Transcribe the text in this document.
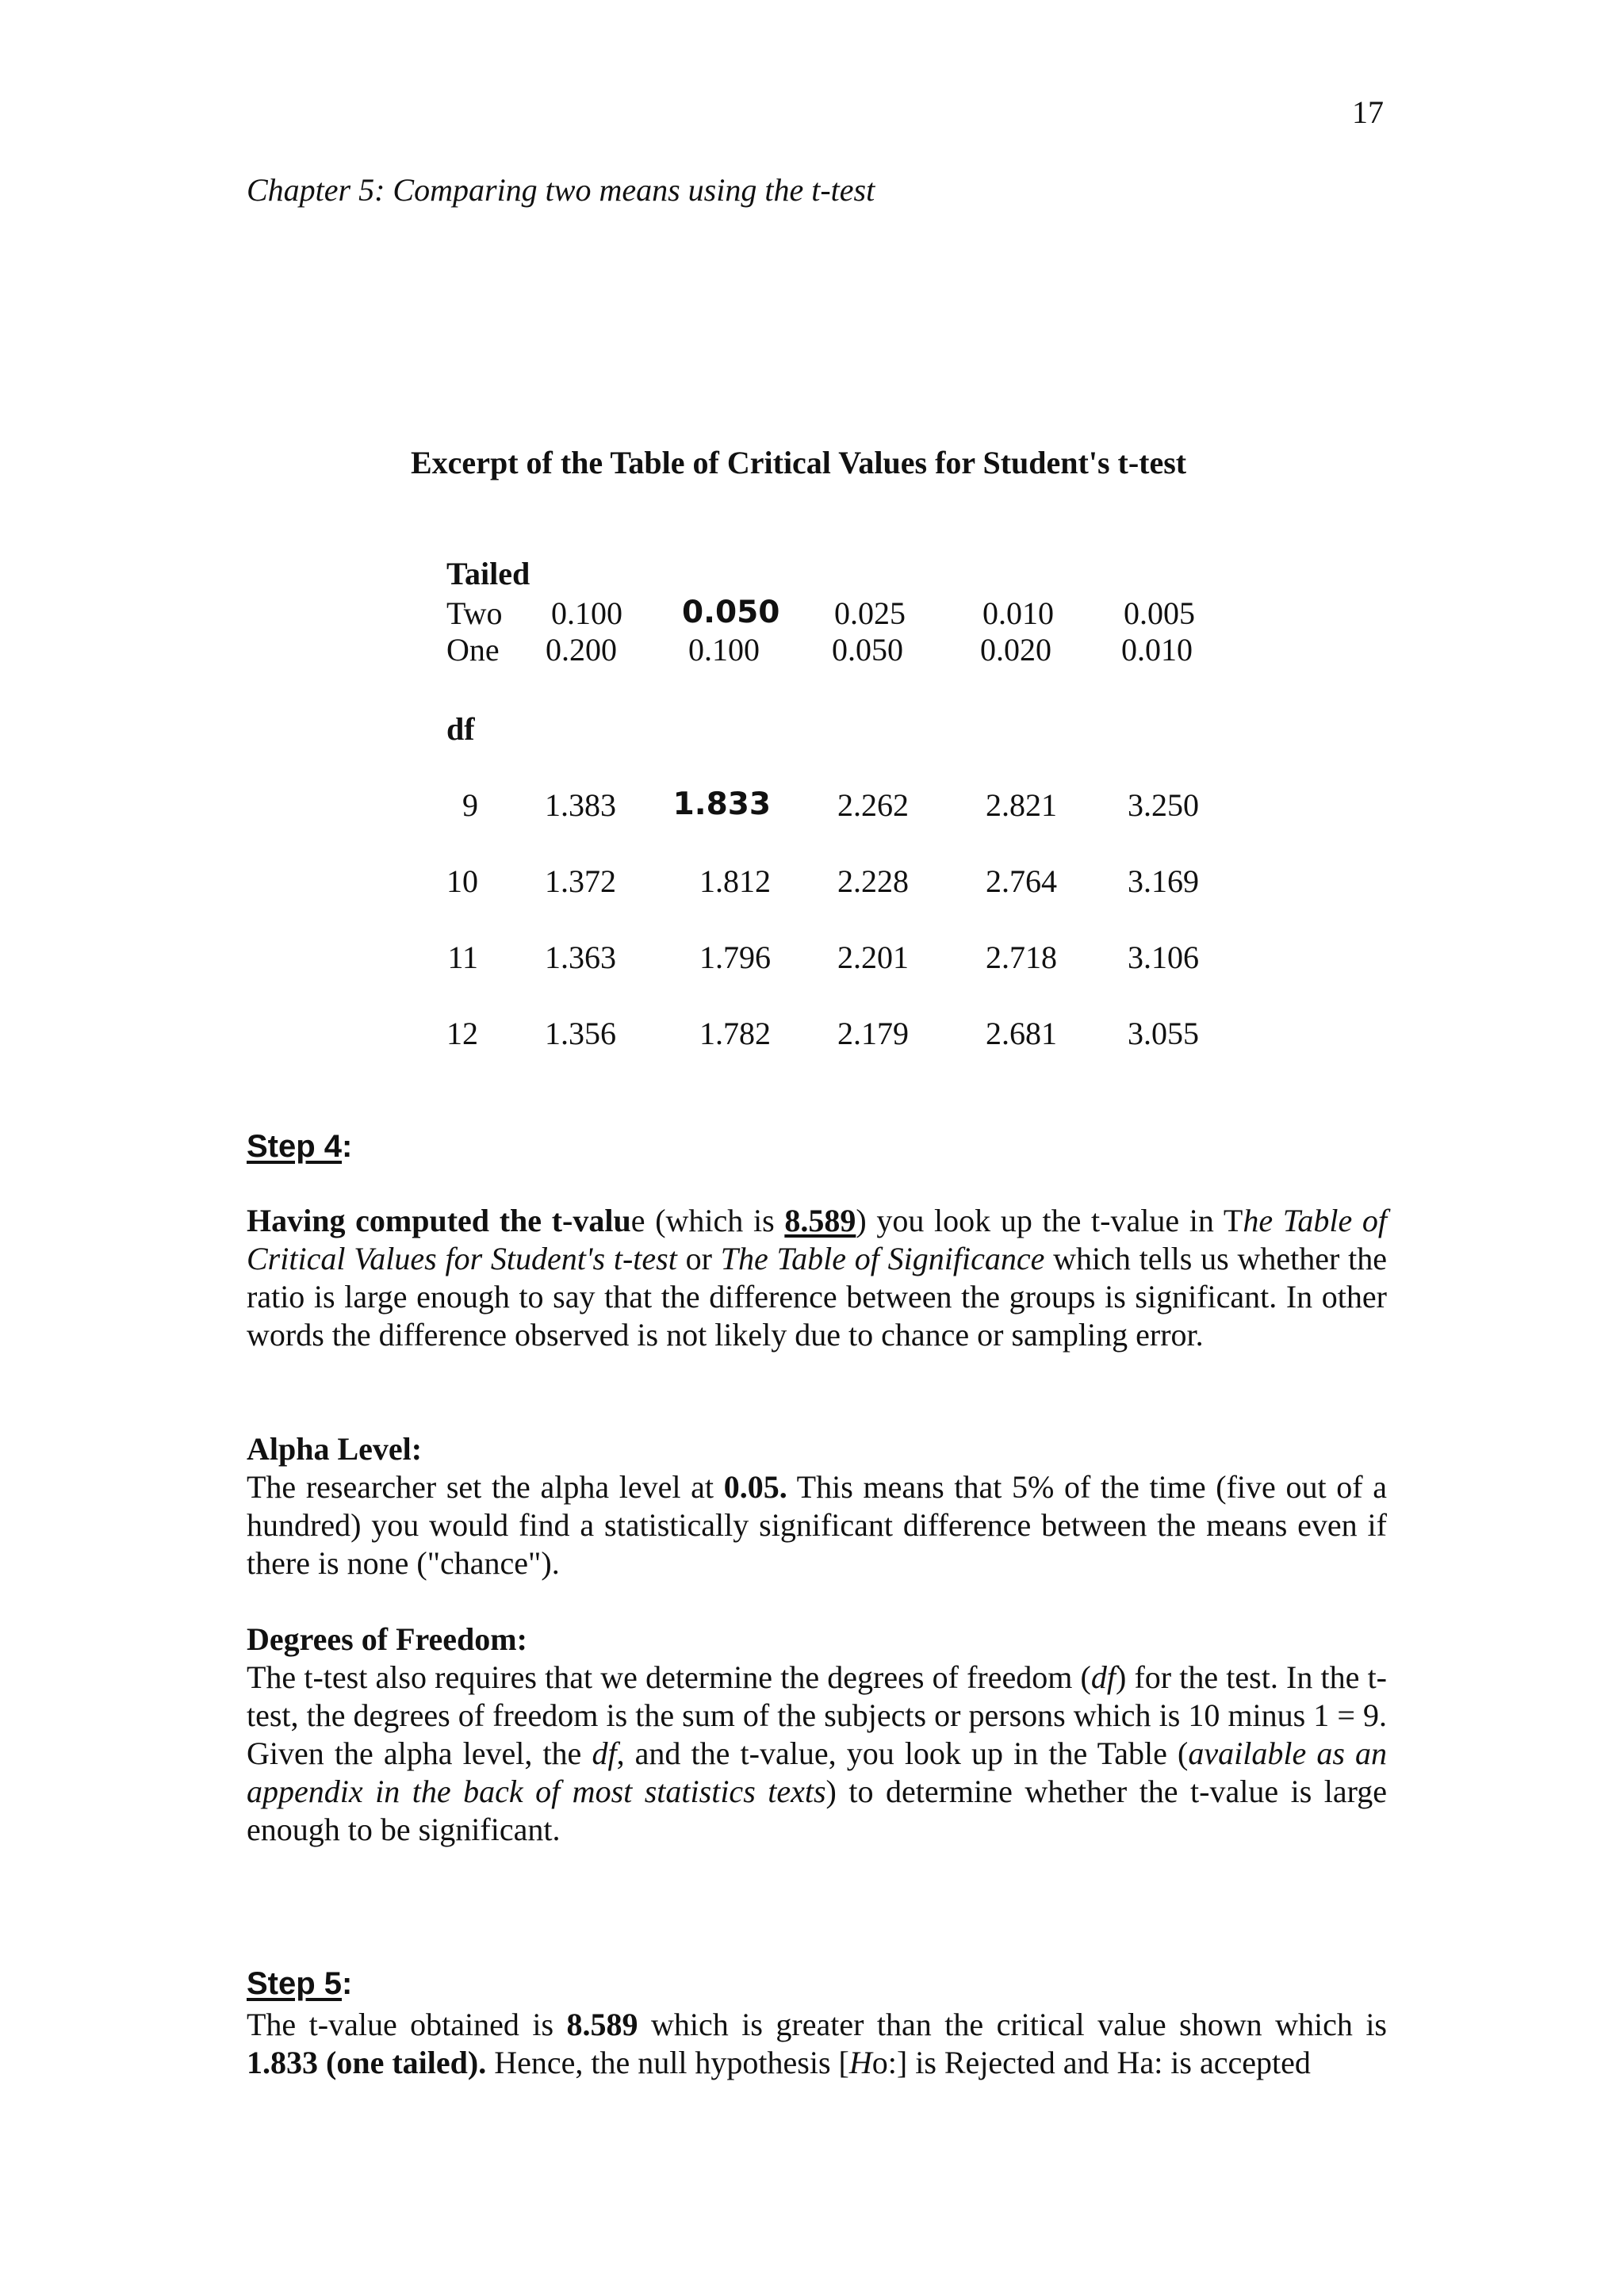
17
Chapter 5: Comparing two means using the t-test
Excerpt of the Table of Critical Values for Student's t-test
Tailed
Two 0.100 0.050 0.025 0.010 0.005
One 0.200 0.100 0.050 0.020 0.010
df
9 1.383 1.833 2.262 2.821 3.250
10 1.372	1.812 2.228 2.764 3.169
11 1.363	1.796 2.201 2.718 3.106
12 1.356	1.782 2.179 2.681 3.055
Step 4:
Having computed the t-value (which is 8.589) you look up the t-value in The Table of Critical Values for Student's t-test or The Table of Significance which tells us whether the ratio is large enough to say that the difference between the groups is significant. In other words the difference observed is not likely due to chance or sampling error.
Alpha Level:
The researcher set the alpha level at 0.05. This means that 5% of the time (five out of a hundred) you would find a statistically significant difference between the means even if there is none ("chance").
Degrees of Freedom:
The t-test also requires that we determine the degrees of freedom (df) for the test. In the t-test, the degrees of freedom is the sum of the subjects or persons which is 10 minus 1 = 9. Given the alpha level, the df, and the t-value, you look up in the Table (available as an appendix in the back of most statistics texts) to determine whether the t-value is large enough to be significant.
Step 5:
The t-value obtained is 8.589 which is greater than the critical value shown which is 1.833 (one tailed). Hence, the null hypothesis [Ho:] is Rejected and Ha: is accepted
